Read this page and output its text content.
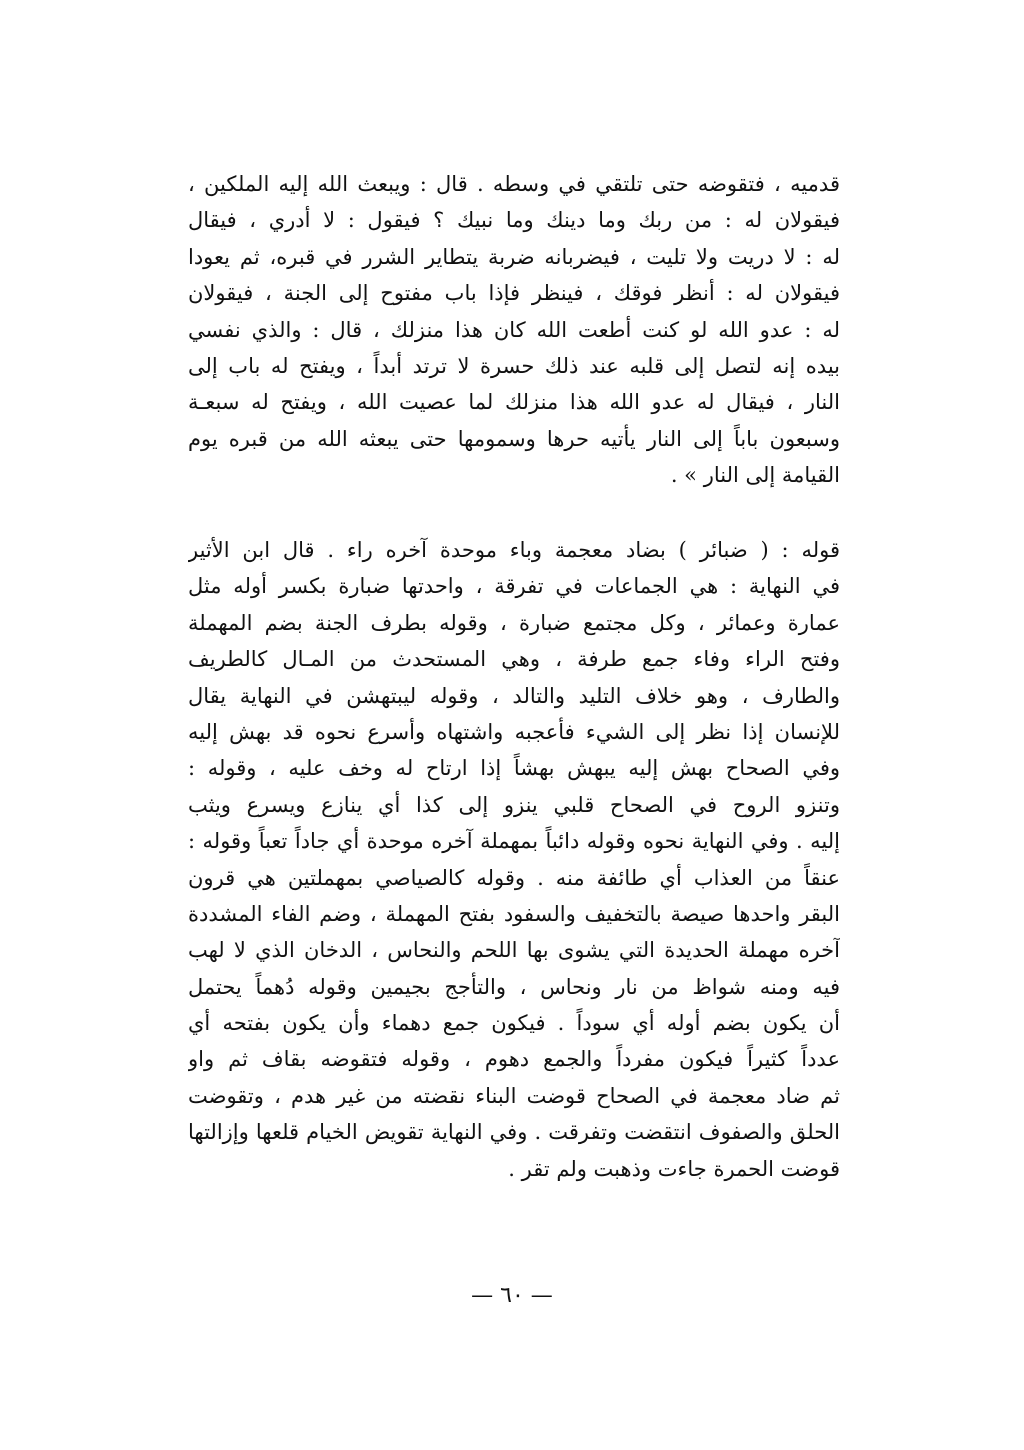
قدميه ، فتقوضه حتى تلتقي في وسطه . قال : ويبعث الله إليه الملكين ،
فيقولان له : من ربك وما دينك وما نبيك ؟ فيقول : لا أدري ، فيقال
له : لا دريت ولا تليت ، فيضربانه ضربة يتطاير الشرر في قبره، ثم يعودا
فيقولان له : أنظر فوقك ، فينظر فإذا باب مفتوح إلى الجنة ، فيقولان
له : عدو الله لو كنت أطعت الله كان هذا منزلك ، قال : والذي نفسي
بيده إنه لتصل إلى قلبه عند ذلك حسرة لا ترتد أبداً ، ويفتح له باب إلى
النار ، فيقال له عدو الله هذا منزلك لما عصيت الله ، ويفتح له سبعـة
وسبعون باباً إلى النار يأتيه حرها وسمومها حتى يبعثه الله من قبره يوم
القيامة إلى النار » .
قوله : ( ضبائر ) بضاد معجمة وباء موحدة آخره راء . قال ابن الأثير
في النهاية : هي الجماعات في تفرقة ، واحدتها ضبارة بكسر أوله مثل
عمارة وعمائر ، وكل مجتمع ضبارة ، وقوله بطرف الجنة بضم المهملة
وفتح الراء وفاء جمع طرفة ، وهي المستحدث من المـال كالطريف
والطارف ، وهو خلاف التليد والتالد ، وقوله ليبتهشن في النهاية يقال
للإنسان إذا نظر إلى الشيء فأعجبه واشتهاه وأسرع نحوه قد بهش إليه
وفي الصحاح بهش إليه يبهش بهشاً إذا ارتاح له وخف عليه ، وقوله :
وتنزو الروح في الصحاح قلبي ينزو إلى كذا أي ينازع ويسرع ويثب
إليه . وفي النهاية نحوه وقوله دائباً بمهملة آخره موحدة أي جاداً تعباً وقوله :
عنقاً من العذاب أي طائفة منه . وقوله كالصياصي بمهملتين هي قرون
البقر واحدها صيصة بالتخفيف والسفود بفتح المهملة ، وضم الفاء المشددة
آخره مهملة الحديدة التي يشوى بها اللحم والنحاس ، الدخان الذي لا لهب
فيه ومنه شواظ من نار ونحاس ، والتأجج بجيمين وقوله دُهماً يحتمل
أن يكون بضم أوله أي سوداً . فيكون جمع دهماء وأن يكون بفتحه أي
عدداً كثيراً فيكون مفرداً والجمع دهوم ، وقوله فتقوضه بقاف ثم واو
ثم ضاد معجمة في الصحاح قوضت البناء نقضته من غير هدم ، وتقوضت
الحلق والصفوف انتقضت وتفرقت . وفي النهاية تقويض الخيام قلعها وإزالتها
قوضت الحمرة جاءت وذهبت ولم تقر .
— ٦٠ —
